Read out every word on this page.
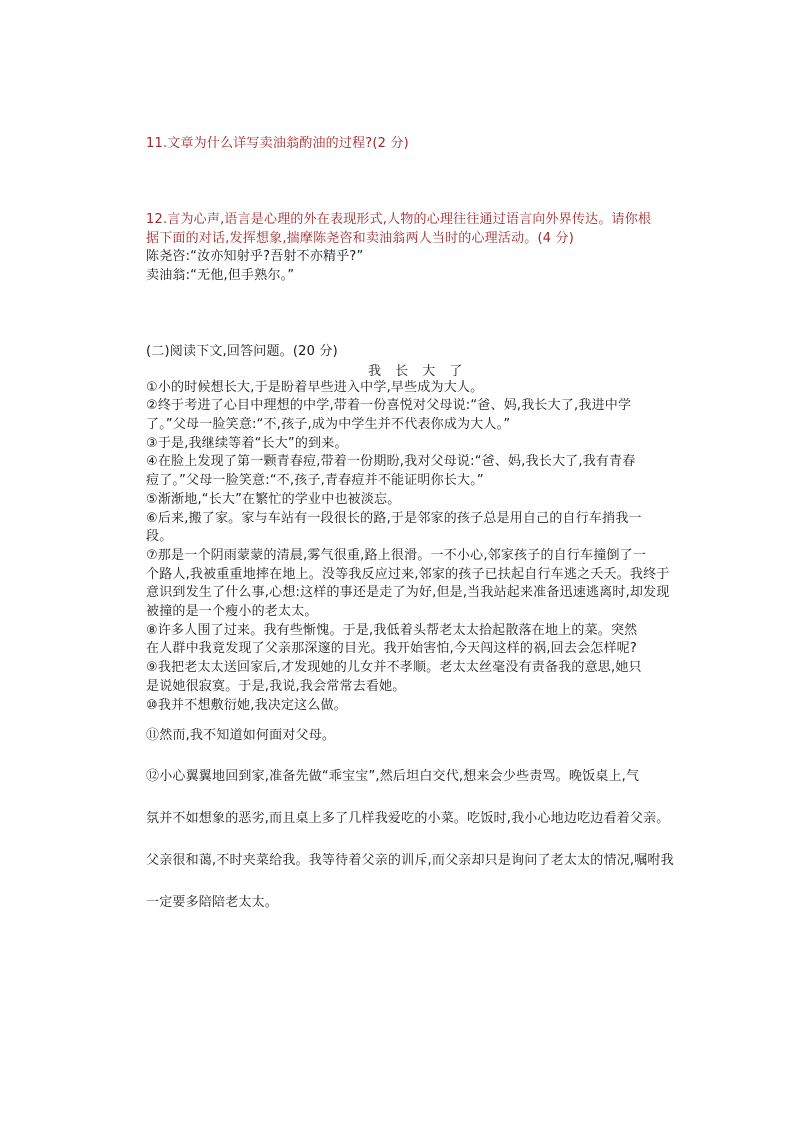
11.文章为什么详写卖油翁酌油的过程?(2 分)
12.言为心声,语言是心理的外在表现形式,人物的心理往往通过语言向外界传达。请你根
据下面的对话,发挥想象,揣摩陈尧咨和卖油翁两人当时的心理活动。(4 分)
陈尧咨:“汝亦知射乎?吾射不亦精乎?”
卖油翁:“无他,但手熟尔。”
(二)阅读下文,回答问题。(20 分)
我 长 大 了
①小的时候想长大,于是盼着早些进入中学,早些成为大人。
②终于考进了心目中理想的中学,带着一份喜悦对父母说:“爸、妈,我长大了,我进中学
了。”父母一脸笑意:“不,孩子,成为中学生并不代表你成为大人。”
③于是,我继续等着“长大”的到来。
④在脸上发现了第一颗青春痘,带着一份期盼,我对父母说:“爸、妈,我长大了,我有青春
痘了。”父母一脸笑意:“不,孩子,青春痘并不能证明你长大。”
⑤渐渐地,“长大”在繁忙的学业中也被淡忘。
⑥后来,搬了家。家与车站有一段很长的路,于是邻家的孩子总是用自己的自行车捎我一
段。
⑦那是一个阴雨蒙蒙的清晨,雾气很重,路上很滑。一不小心,邻家孩子的自行车撞倒了一
个路人,我被重重地摔在地上。没等我反应过来,邻家的孩子已扶起自行车逃之夭夭。我终于
意识到发生了什么事,心想:这样的事还是走了为好,但是,当我站起来准备迅速逃离时,却发现
被撞的是一个瘦小的老太太。
⑧许多人围了过来。我有些惭愧。于是,我低着头帮老太太拾起散落在地上的菜。突然
在人群中我竟发现了父亲那深邃的目光。我开始害怕,今天闯这样的祸,回去会怎样呢?
⑨我把老太太送回家后,才发现她的儿女并不孝顺。老太太丝毫没有责备我的意思,她只
是说她很寂寞。于是,我说,我会常常去看她。
⑩我并不想敷衍她,我决定这么做。
⑪然而,我不知道如何面对父母。
⑫小心翼翼地回到家,准备先做“乖宝宝”,然后坦白交代,想来会少些责骂。晚饭桌上,气
氛并不如想象的恶劣,而且桌上多了几样我爱吃的小菜。吃饭时,我小心地边吃边看着父亲。
父亲很和蔼,不时夹菜给我。我等待着父亲的训斥,而父亲却只是询问了老太太的情况,嘱咐我
一定要多陪陪老太太。
